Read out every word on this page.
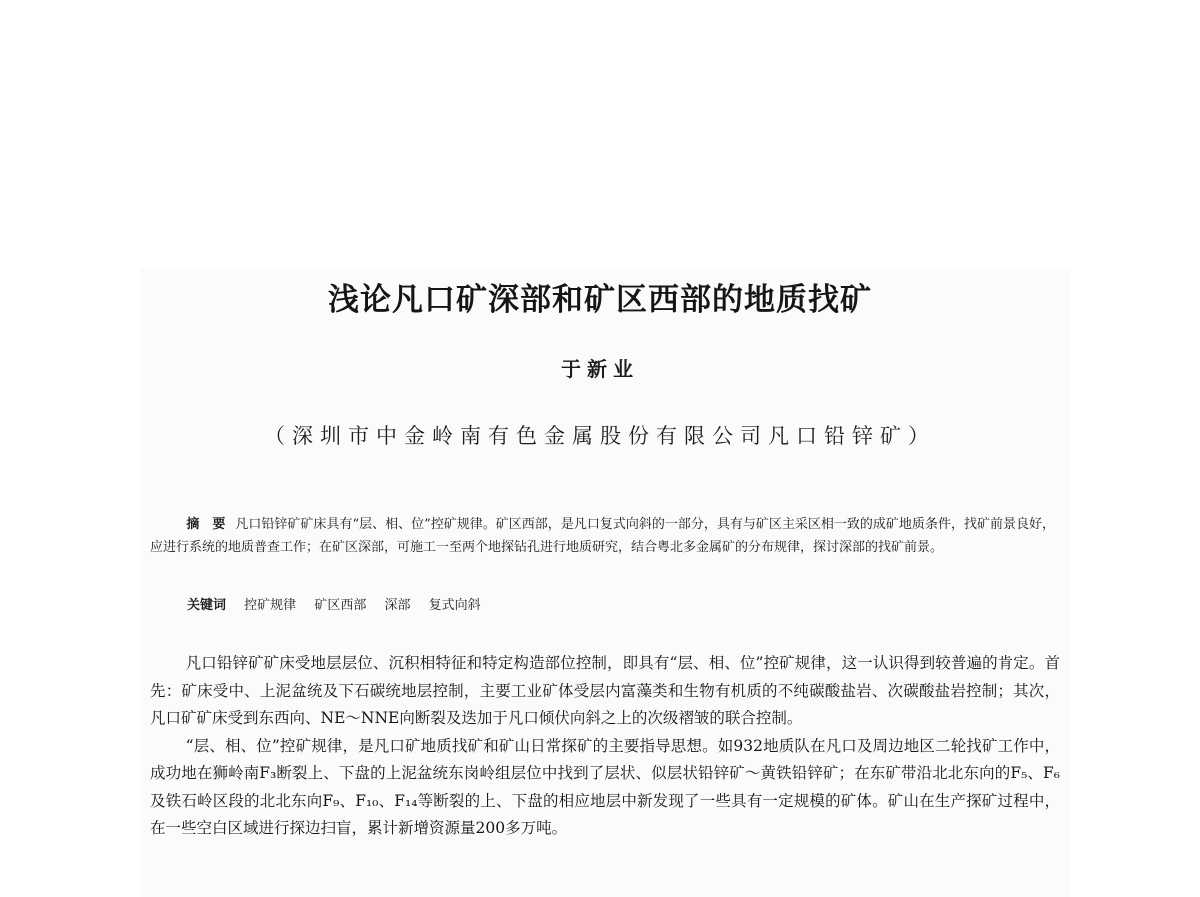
浅论凡口矿深部和矿区西部的地质找矿
于新业
（深圳市中金岭南有色金属股份有限公司凡口铅锌矿）
摘　要 凡口铅锌矿矿床具有“层、相、位”控矿规律。矿区西部，是凡口复式向斜的一部分，具有与矿区主采区相一致的成矿地质条件，找矿前景良好，应进行系统的地质普查工作；在矿区深部，可施工一至两个地探钻孔进行地质研究，结合粤北多金属矿的分布规律，探讨深部的找矿前景。
关键词 控矿规律 矿区西部 深部 复式向斜

凡口铅锌矿矿床受地层层位、沉积相特征和特定构造部位控制，即具有“层、相、位”控矿规律，这一认识得到较普遍的肯定。首先：矿床受中、上泥盆统及下石碳统地层控制，主要工业矿体受层内富藻类和生物有机质的不纯碳酸盐岩、次碳酸盐岩控制；其次，凡口矿矿床受到东西向、NE～NNE向断裂及迭加于凡口倾伏向斜之上的次级褶皱的联合控制。

“层、相、位”控矿规律，是凡口矿地质找矿和矿山日常探矿的主要指导思想。如932地质队在凡口及周边地区二轮找矿工作中，成功地在狮岭南F₃断裂上、下盘的上泥盆统东岗岭组层位中找到了层状、似层状铅锌矿～黄铁铅锌矿；在东矿带沿北北东向的F₅、F₆及铁石岭区段的北北东向F₉、F₁₀、F₁₄等断裂的上、下盘的相应地层中新发现了一些具有一定规模的矿体。矿山在生产探矿过程中，在一些空白区域进行探边扫盲，累计新增资源量200多万吨。
